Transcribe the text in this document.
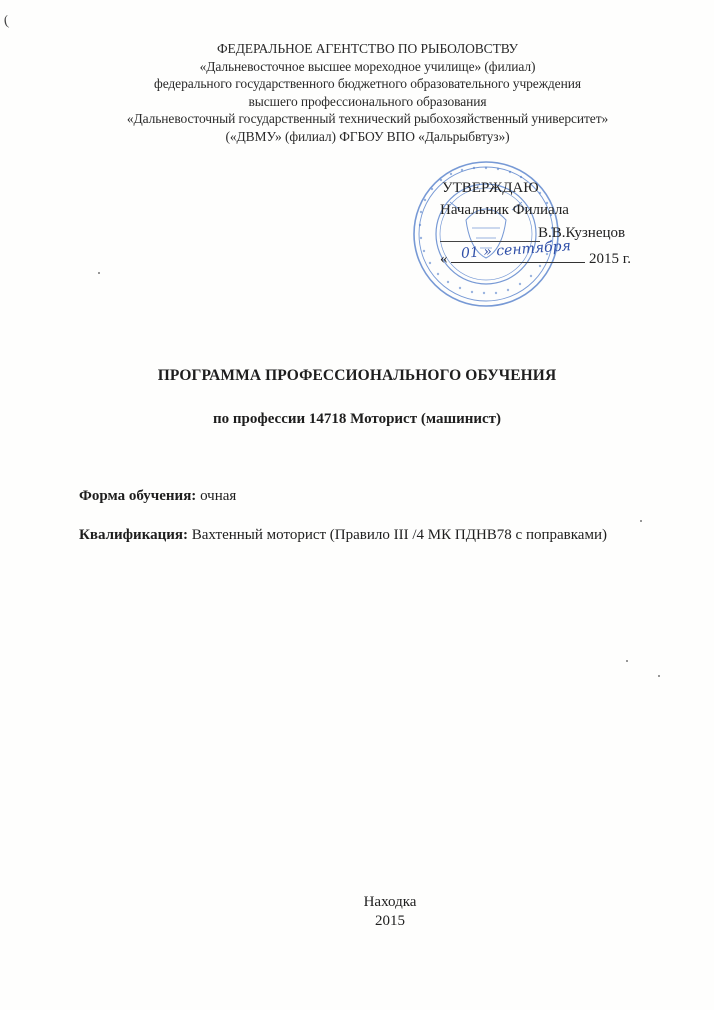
(
ФЕДЕРАЛЬНОЕ АГЕНТСТВО ПО РЫБОЛОВСТВУ
«Дальневосточное высшее мореходное училище» (филиал)
федерального государственного бюджетного образовательного учреждения
высшего профессионального образования
«Дальневосточный государственный технический рыбохозяйственный университет»
(«ДВМУ» (филиал) ФГБОУ ВПО «Дальрыбвтуз»)
УТВЕРЖДАЮ
Начальник Филиала
В.В.Кузнецов
« 01 » сентября 2015 г.
ПРОГРАММА ПРОФЕССИОНАЛЬНОГО ОБУЧЕНИЯ
по профессии 14718 Моторист (машинист)
Форма обучения: очная
Квалификация: Вахтенный моторист (Правило III /4 МК ПДНВ78 с поправками)
Находка
2015
